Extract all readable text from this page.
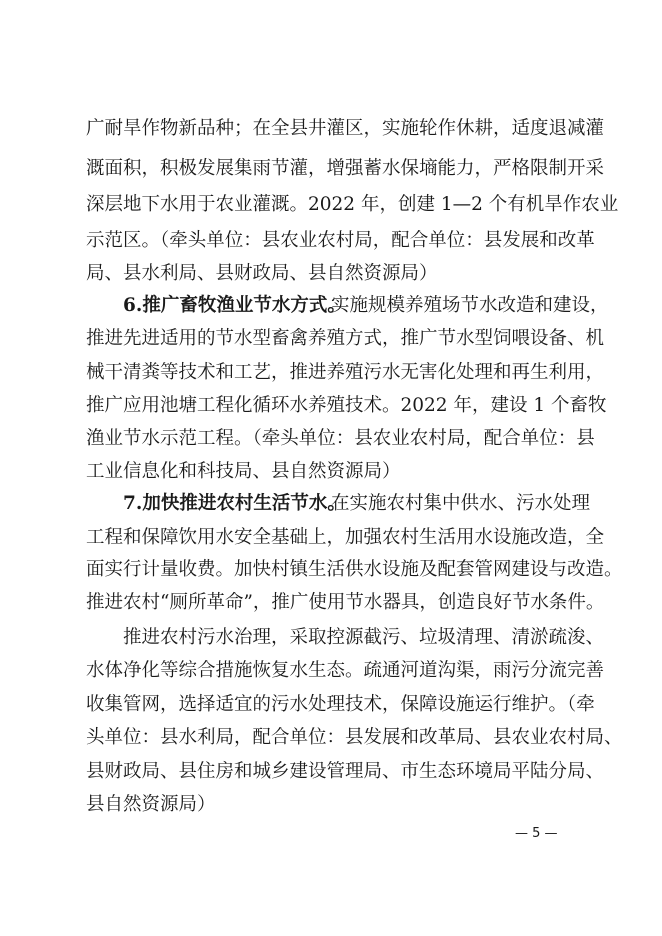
广耐旱作物新品种；在全县井灌区，实施轮作休耕，适度退减灌
溉面积，积极发展集雨节灌，增强蓄水保墒能力，严格限制开采
深层地下水用于农业灌溉。2022 年，创建 1—2 个有机旱作农业
示范区。（牵头单位：县农业农村局，配合单位：县发展和改革
局、县水利局、县财政局、县自然资源局）
6.推广畜牧渔业节水方式。
实施规模养殖场节水改造和建设，
推进先进适用的节水型畜禽养殖方式，推广节水型饲喂设备、机
械干清粪等技术和工艺，推进养殖污水无害化处理和再生利用，
推广应用池塘工程化循环水养殖技术。2022 年，建设 1 个畜牧
渔业节水示范工程。（牵头单位：县农业农村局，配合单位：县
工业信息化和科技局、县自然资源局）
7.加快推进农村生活节水。
在实施农村集中供水、污水处理
工程和保障饮用水安全基础上，加强农村生活用水设施改造，全
面实行计量收费。加快村镇生活供水设施及配套管网建设与改造。
推进农村“厕所革命”，推广使用节水器具，创造良好节水条件。
推进农村污水治理，采取控源截污、垃圾清理、清淤疏浚、
水体净化等综合措施恢复水生态。疏通河道沟渠，雨污分流完善
收集管网，选择适宜的污水处理技术，保障设施运行维护。（牵
头单位：县水利局，配合单位：县发展和改革局、县农业农村局、
县财政局、县住房和城乡建设管理局、市生态环境局平陆分局、
县自然资源局）
— 5 —
